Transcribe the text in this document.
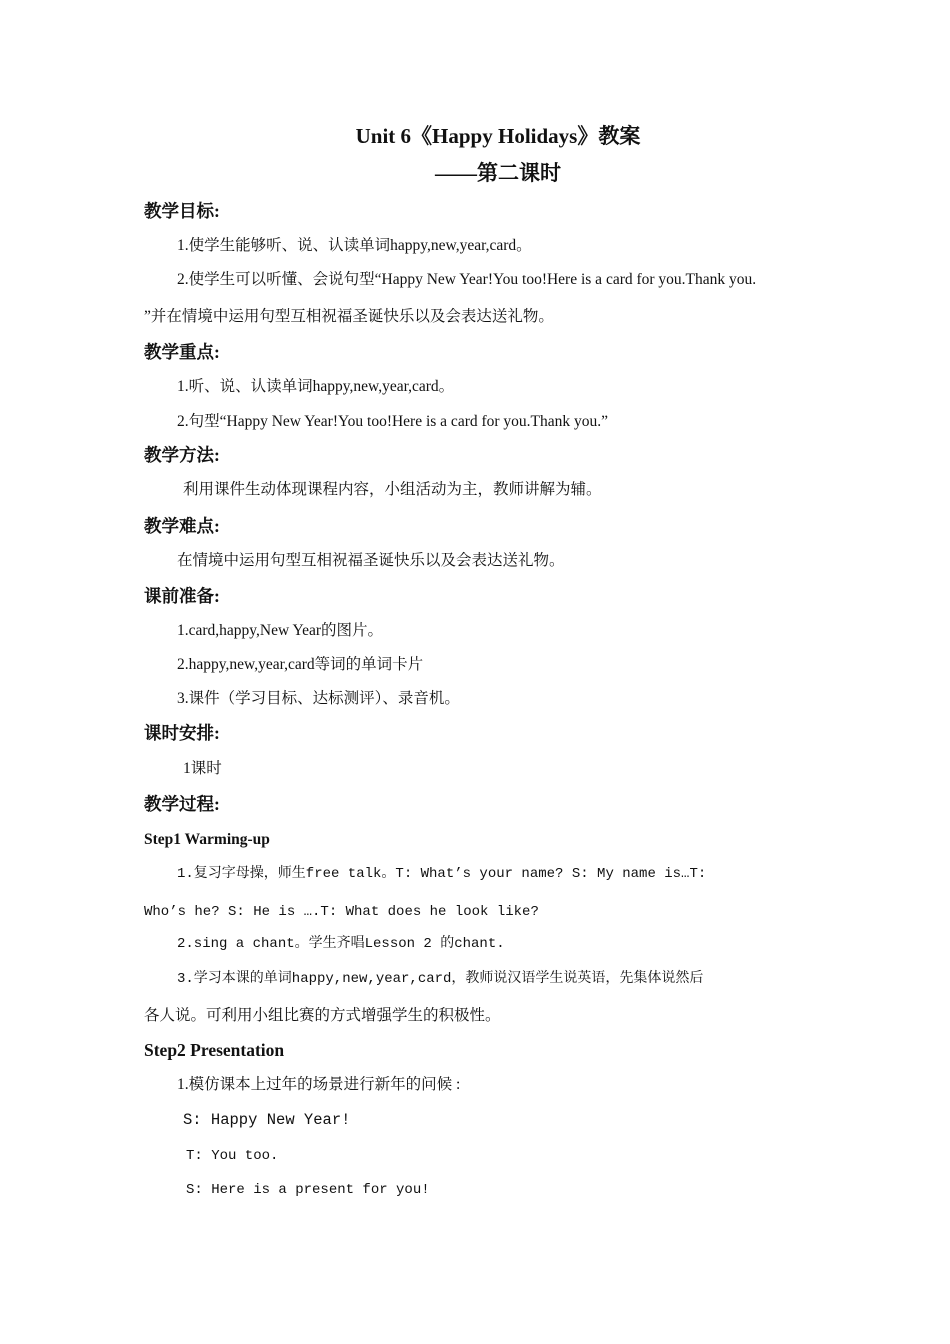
Unit 6《Happy Holidays》教案
——第二课时
教学目标:
1.使学生能够听、说、认读单词happy,new,year,card。
2.使学生可以听懂、会说句型“Happy New Year!You too!Here is a card for you.Thank you.
”并在情境中运用句型互相祝福圣诞快乐以及会表达送礼物。
教学重点:
1.听、说、认读单词happy,new,year,card。
2.句型“Happy New Year!You too!Here is a card for you.Thank you.”
教学方法:
利用课件生动体现课程内容，小组活动为主，教师讲解为辅。
教学难点:
在情境中运用句型互相祝福圣诞快乐以及会表达送礼物。
课前准备:
1.card,happy,New Year的图片。
2.happy,new,year,card等词的单词卡片
3.课件（学习目标、达标测评）、录音机。
课时安排:
1课时
教学过程:
Step1 Warming-up
1.复习字母操，师生free talk。T: What’s your name? S: My name is…T:
Who’s he? S: He is ….T: What does he look like?
2.sing a chant。学生齐唱Lesson 2 的chant.
3.学习本课的单词happy,new,year,card，教师说汉语学生说英语，先集体说然后
各人说。可利用小组比赛的方式增强学生的积极性。
Step2 Presentation
1.模仿课本上过年的场景进行新年的问候 :
S: Happy New Year!
T: You too.
S: Here is a present for you!
